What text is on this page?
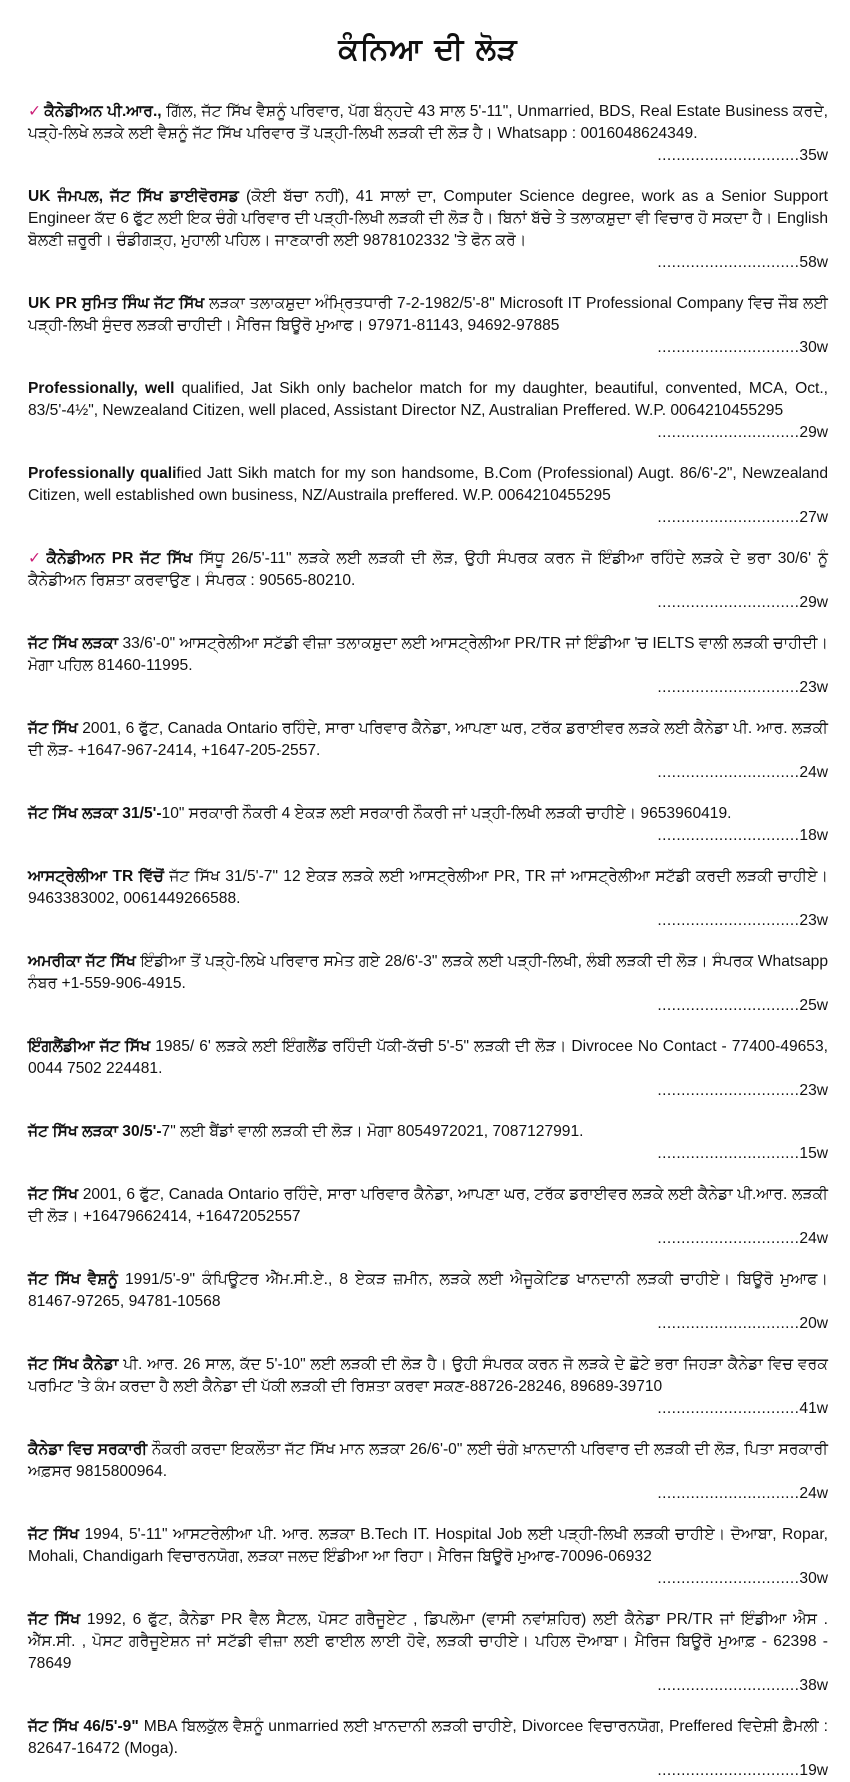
ਕੰਨਿਆ ਦੀ ਲੋੜ
✓ ਕੈਨੇਡੀਅਨ ਪੀ.ਆਰ., ਗਿੱਲ, ਜੱਟ ਸਿੱਖ ਵੈਸ਼ਨੂੰ ਪਰਿਵਾਰ, ਪੱਗ ਬੰਨ੍ਹਦੇ 43 ਸਾਲ 5'-11", Unmarried, BDS, Real Estate Business ਕਰਦੇ, ਪੜ੍ਹੇ-ਲਿਖੇ ਲੜਕੇ ਲਈ ਵੈਸ਼ਨੂੰ ਜੱਟ ਸਿੱਖ ਪਰਿਵਾਰ ਤੋਂ ਪੜ੍ਹੀ-ਲਿਖੀ ਲੜਕੀ ਦੀ ਲੋੜ ਹੈ। Whatsapp : 0016048624349.
.............................. 35w
UK ਜੰਮਪਲ, ਜੱਟ ਸਿੱਖ ਡਾਈਵੋਰਸਡ (ਕੋਈ ਬੱਚਾ ਨਹੀਂ), 41 ਸਾਲਾਂ ਦਾ, Computer Science degree, work as a Senior Support Engineer ਕੱਦ 6 ਫੁੱਟ ਲਈ ਇਕ ਚੰਗੇ ਪਰਿਵਾਰ ਦੀ ਪੜ੍ਹੀ-ਲਿਖੀ ਲੜਕੀ ਦੀ ਲੋੜ ਹੈ। ਬਿਨਾਂ ਬੱਚੇ ਤੇ ਤਲਾਕਸ਼ੁਦਾ ਵੀ ਵਿਚਾਰ ਹੋ ਸਕਦਾ ਹੈ। English ਬੋਲਣੀ ਜ਼ਰੂਰੀ। ਚੰਡੀਗੜ੍ਹ, ਮੁਹਾਲੀ ਪਹਿਲ। ਜਾਣਕਾਰੀ ਲਈ 9878102332 'ਤੇ ਫੋਨ ਕਰੋ।
.............................. 58w
UK PR ਸੁਮਿਤ ਸਿੰਘ ਜੱਟ ਸਿੱਖ ਲੜਕਾ ਤਲਾਕਸ਼ੁਦਾ ਅੰਮ੍ਰਿਤਧਾਰੀ 7-2-1982/5'-8" Microsoft IT Professional Company ਵਿਚ ਜੌਬ ਲਈ ਪੜ੍ਹੀ-ਲਿਖੀ ਸੁੰਦਰ ਲੜਕੀ ਚਾਹੀਦੀ। ਮੈਰਿਜ ਬਿਊਰੋ ਮੁਆਫ। 97971-81143, 94692-97885
.............................. 30w
Professionally, well qualified, Jat Sikh only bachelor match for my daughter, beautiful, convented, MCA, Oct., 83/5'-4½", Newzealand Citizen, well placed, Assistant Director NZ, Australian Preffered. W.P. 0064210455295
.............................. 29w
Professionally qualified Jatt Sikh match for my son handsome, B.Com (Professional) Augt. 86/6'-2", Newzealand Citizen, well established own business, NZ/Austraila preffered. W.P. 0064210455295
.............................. 27w
✓ ਕੈਨੇਡੀਅਨ PR ਜੱਟ ਸਿੱਖ ਸਿੱਧੂ 26/5'-11" ਲੜਕੇ ਲਈ ਲੜਕੀ ਦੀ ਲੋੜ, ਉਹੀ ਸੰਪਰਕ ਕਰਨ ਜੋ ਇੰਡੀਆ ਰਹਿੰਦੇ ਲੜਕੇ ਦੇ ਭਰਾ 30/6' ਨੂੰ ਕੈਨੇਡੀਅਨ ਰਿਸ਼ਤਾ ਕਰਵਾਉਣ। ਸੰਪਰਕ : 90565-80210.
.............................. 29w
ਜੱਟ ਸਿੱਖ ਲੜਕਾ 33/6'-0" ਆਸਟ੍ਰੇਲੀਆ ਸਟੱਡੀ ਵੀਜ਼ਾ ਤਲਾਕਸ਼ੁਦਾ ਲਈ ਆਸਟ੍ਰੇਲੀਆ PR/TR ਜਾਂ ਇੰਡੀਆ 'ਚ IELTS ਵਾਲੀ ਲੜਕੀ ਚਾਹੀਦੀ। ਮੋਗਾ ਪਹਿਲ 81460-11995.
.............................. 23w
ਜੱਟ ਸਿੱਖ 2001, 6 ਫੁੱਟ, Canada Ontario ਰਹਿੰਦੇ, ਸਾਰਾ ਪਰਿਵਾਰ ਕੈਨੇਡਾ, ਆਪਣਾ ਘਰ, ਟਰੱਕ ਡਰਾਈਵਰ ਲੜਕੇ ਲਈ ਕੈਨੇਡਾ ਪੀ. ਆਰ. ਲੜਕੀ ਦੀ ਲੋੜ- +1647-967-2414, +1647-205-2557.
.............................. 24w
ਜੱਟ ਸਿੱਖ ਲੜਕਾ 31/5'-10" ਸਰਕਾਰੀ ਨੌਕਰੀ 4 ਏਕੜ ਲਈ ਸਰਕਾਰੀ ਨੌਕਰੀ ਜਾਂ ਪੜ੍ਹੀ-ਲਿਖੀ ਲੜਕੀ ਚਾਹੀਏ। 9653960419.
.............................. 18w
ਆਸਟ੍ਰੇਲੀਆ TR ਵਿੱਚੋਂ ਜੱਟ ਸਿੱਖ 31/5'-7" 12 ਏਕੜ ਲੜਕੇ ਲਈ ਆਸਟ੍ਰੇਲੀਆ PR, TR ਜਾਂ ਆਸਟ੍ਰੇਲੀਆ ਸਟੱਡੀ ਕਰਦੀ ਲੜਕੀ ਚਾਹੀਏ। 9463383002, 0061449266588.
.............................. 23w
ਅਮਰੀਕਾ ਜੱਟ ਸਿੱਖ ਇੰਡੀਆ ਤੋਂ ਪੜ੍ਹੇ-ਲਿਖੇ ਪਰਿਵਾਰ ਸਮੇਤ ਗਏ 28/6'-3" ਲੜਕੇ ਲਈ ਪੜ੍ਹੀ-ਲਿਖੀ, ਲੰਬੀ ਲੜਕੀ ਦੀ ਲੋੜ। ਸੰਪਰਕ Whatsapp ਨੰਬਰ +1-559-906-4915.
.............................. 25w
ਇੰਗਲੈਂਡੀਆ ਜੱਟ ਸਿੱਖ 1985/ 6' ਲੜਕੇ ਲਈ ਇੰਗਲੈਂਡ ਰਹਿੰਦੀ ਪੱਕੀ-ਕੱਚੀ 5'-5" ਲੜਕੀ ਦੀ ਲੋੜ। Divrocee No Contact - 77400-49653, 0044 7502 224481.
.............................. 23w
ਜੱਟ ਸਿੱਖ ਲੜਕਾ 30/5'-7" ਲਈ ਬੈਂਡਾਂ ਵਾਲੀ ਲੜਕੀ ਦੀ ਲੋੜ। ਮੋਗਾ 8054972021, 7087127991.
.............................. 15w
ਜੱਟ ਸਿੱਖ 2001, 6 ਫੁੱਟ, Canada Ontario ਰਹਿੰਦੇ, ਸਾਰਾ ਪਰਿਵਾਰ ਕੈਨੇਡਾ, ਆਪਣਾ ਘਰ, ਟਰੱਕ ਡਰਾਈਵਰ ਲੜਕੇ ਲਈ ਕੈਨੇਡਾ ਪੀ.ਆਰ. ਲੜਕੀ ਦੀ ਲੋੜ। +16479662414, +16472052557
.............................. 24w
ਜੱਟ ਸਿੱਖ ਵੈਸ਼ਨੂੰ 1991/5'-9" ਕੰਪਿਊਟਰ ਐੱਮ.ਸੀ.ਏ., 8 ਏਕੜ ਜ਼ਮੀਨ, ਲੜਕੇ ਲਈ ਐਜੂਕੇਟਿਡ ਖਾਨਦਾਨੀ ਲੜਕੀ ਚਾਹੀਏ। ਬਿਊਰੋ ਮੁਆਫ। 81467-97265, 94781-10568
.............................. 20w
ਜੱਟ ਸਿੱਖ ਕੈਨੇਡਾ ਪੀ. ਆਰ. 26 ਸਾਲ, ਕੱਦ 5'-10" ਲਈ ਲੜਕੀ ਦੀ ਲੋੜ ਹੈ। ਉਹੀ ਸੰਪਰਕ ਕਰਨ ਜੋ ਲੜਕੇ ਦੇ ਛੋਟੇ ਭਰਾ ਜਿਹੜਾ ਕੈਨੇਡਾ ਵਿਚ ਵਰਕ ਪਰਮਿਟ 'ਤੇ ਕੰਮ ਕਰਦਾ ਹੈ ਲਈ ਕੈਨੇਡਾ ਦੀ ਪੱਕੀ ਲੜਕੀ ਦੀ ਰਿਸ਼ਤਾ ਕਰਵਾ ਸਕਣ-88726-28246, 89689-39710
.............................. 41w
ਕੈਨੇਡਾ ਵਿਚ ਸਰਕਾਰੀ ਨੌਕਰੀ ਕਰਦਾ ਇਕਲੌਤਾ ਜੱਟ ਸਿੱਖ ਮਾਨ ਲੜਕਾ 26/6'-0" ਲਈ ਚੰਗੇ ਖ਼ਾਨਦਾਨੀ ਪਰਿਵਾਰ ਦੀ ਲੜਕੀ ਦੀ ਲੋੜ, ਪਿਤਾ ਸਰਕਾਰੀ ਅਫ਼ਸਰ 9815800964.
.............................. 24w
ਜੱਟ ਸਿੱਖ 1994, 5'-11" ਆਸਟਰੇਲੀਆ ਪੀ. ਆਰ. ਲੜਕਾ B.Tech IT. Hospital Job ਲਈ ਪੜ੍ਹੀ-ਲਿਖੀ ਲੜਕੀ ਚਾਹੀਏ। ਦੋਆਬਾ, Ropar, Mohali, Chandigarh ਵਿਚਾਰਨਯੋਗ, ਲੜਕਾ ਜਲਦ ਇੰਡੀਆ ਆ ਰਿਹਾ। ਮੈਰਿਜ ਬਿਊਰੋ ਮੁਆਫ-70096-06932
.............................. 30w
ਜੱਟ ਸਿੱਖ 1992, 6 ਫੁੱਟ, ਕੈਨੇਡਾ PR ਵੈਲ ਸੈਟਲ, ਪੋਸਟ ਗਰੈਜੂਏਟ , ਡਿਪਲੋਮਾ (ਵਾਸੀ ਨਵਾਂਸ਼ਹਿਰ) ਲਈ ਕੈਨੇਡਾ PR/TR ਜਾਂ ਇੰਡੀਆ ਐਸ . ਐੱਸ.ਸੀ. , ਪੋਸਟ ਗਰੈਜੂਏਸ਼ਨ ਜਾਂ ਸਟੱਡੀ ਵੀਜ਼ਾ ਲਈ ਫਾਈਲ ਲਾਈ ਹੋਵੇ, ਲੜਕੀ ਚਾਹੀਏ। ਪਹਿਲ ਦੋਆਬਾ। ਮੈਰਿਜ ਬਿਊਰੋ ਮੁਆਫ਼ - 62398 - 78649
.............................. 38w
ਜੱਟ ਸਿੱਖ 46/5'-9" MBA ਬਿਲਕੁੱਲ ਵੈਸ਼ਨੂੰ unmarried ਲਈ ਖ਼ਾਨਦਾਨੀ ਲੜਕੀ ਚਾਹੀਏ, Divorcee ਵਿਚਾਰਨਯੋਗ, Preffered ਵਿਦੇਸ਼ੀ ਫ਼ੈਮਲੀ : 82647-16472 (Moga).
.............................. 19w
